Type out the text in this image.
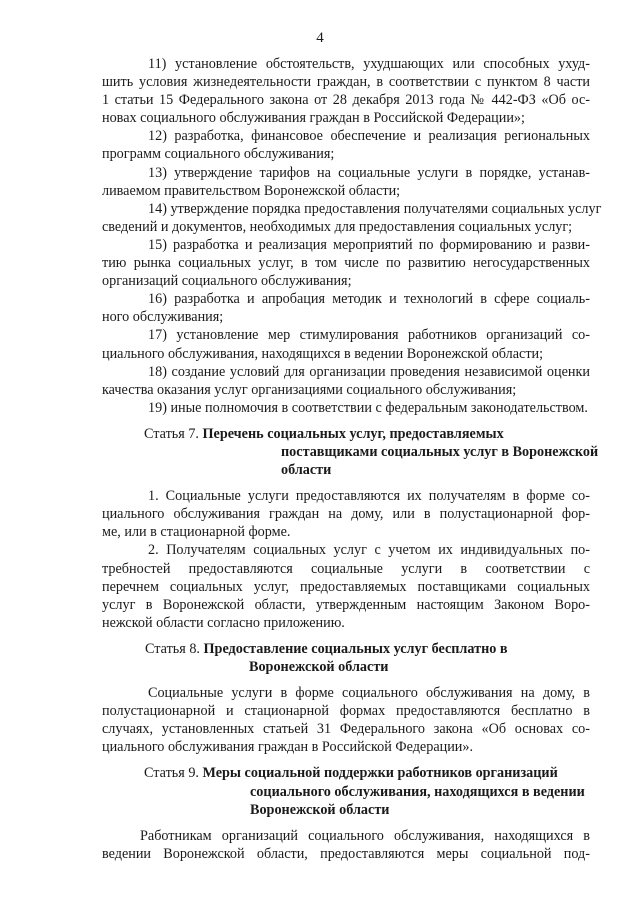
4
11) установление обстоятельств, ухудшающих или способных ухуд-
шить условия жизнедеятельности граждан, в соответствии с пунктом 8 части
1 статьи 15 Федерального закона от 28 декабря 2013 года № 442-ФЗ «Об ос-
новах социального обслуживания граждан в Российской Федерации»;
12) разработка, финансовое обеспечение и реализация региональных
программ социального обслуживания;
13) утверждение тарифов на социальные услуги в порядке, устанав-
ливаемом правительством Воронежской области;
14) утверждение порядка предоставления получателями социальных услуг
сведений и документов, необходимых для предоставления социальных услуг;
15) разработка и реализация мероприятий по формированию и разви-
тию рынка социальных услуг, в том числе по развитию негосударственных
организаций социального обслуживания;
16) разработка и апробация методик и технологий в сфере социаль-
ного обслуживания;
17) установление мер стимулирования работников организаций со-
циального обслуживания, находящихся в ведении Воронежской области;
18) создание условий для организации проведения независимой оценки
качества оказания услуг организациями социального обслуживания;
19) иные полномочия в соответствии с федеральным законодательством.
Статья 7. Перечень социальных услуг, предоставляемых
поставщиками социальных услуг в Воронежской
области
1. Социальные услуги предоставляются их получателям в форме со-
циального обслуживания граждан на дому, или в полустационарной фор-
ме, или в стационарной форме.
2. Получателям социальных услуг с учетом их индивидуальных по-
требностей предоставляются социальные услуги в соответствии с
перечнем социальных услуг, предоставляемых поставщиками социальных
услуг в Воронежской области, утвержденным настоящим Законом Воро-
нежской области согласно приложению.
Статья 8. Предоставление социальных услуг бесплатно в
Воронежской области
Социальные услуги в форме социального обслуживания на дому, в
полустационарной и стационарной формах предоставляются бесплатно в
случаях, установленных статьей 31 Федерального закона «Об основах со-
циального обслуживания граждан в Российской Федерации».
Статья 9. Меры социальной поддержки работников организаций
социального обслуживания, находящихся в ведении
Воронежской области
Работникам организаций социального обслуживания, находящихся в
ведении Воронежской области, предоставляются меры социальной под-
